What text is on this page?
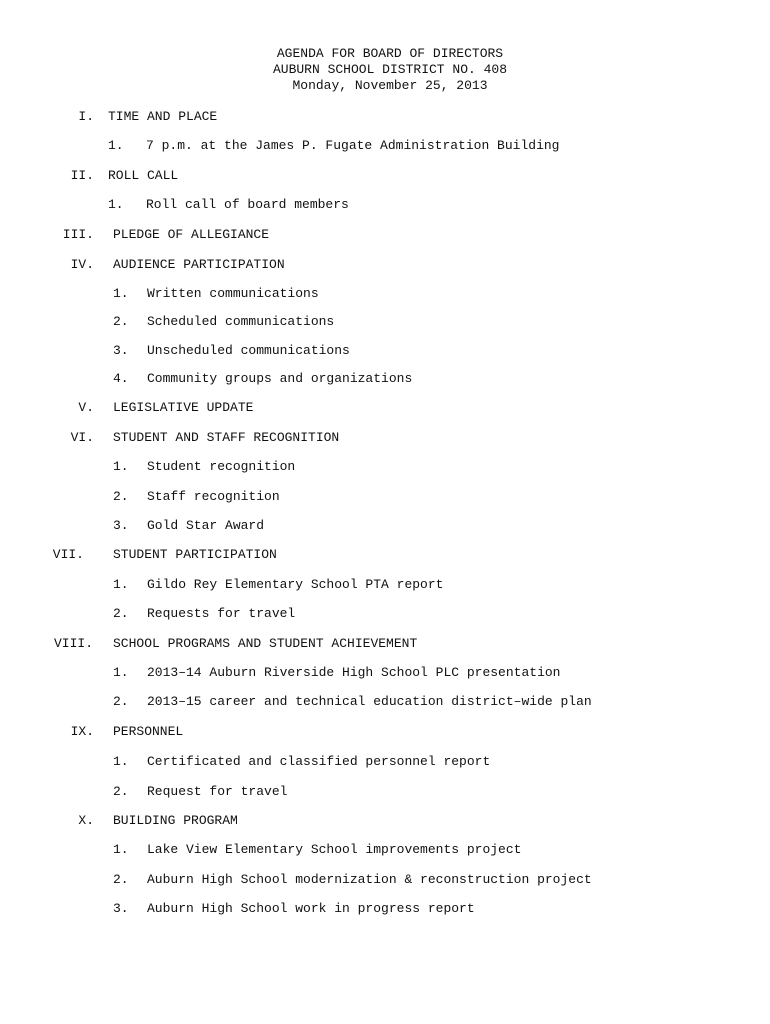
AGENDA FOR BOARD OF DIRECTORS
AUBURN SCHOOL DISTRICT NO. 408
Monday, November 25, 2013
I. TIME AND PLACE
1. 7 p.m. at the James P. Fugate Administration Building
II. ROLL CALL
1. Roll call of board members
III. PLEDGE OF ALLEGIANCE
IV. AUDIENCE PARTICIPATION
1. Written communications
2. Scheduled communications
3. Unscheduled communications
4. Community groups and organizations
V. LEGISLATIVE UPDATE
VI. STUDENT AND STAFF RECOGNITION
1. Student recognition
2. Staff recognition
3. Gold Star Award
VII. STUDENT PARTICIPATION
1. Gildo Rey Elementary School PTA report
2. Requests for travel
VIII. SCHOOL PROGRAMS AND STUDENT ACHIEVEMENT
1. 2013–14 Auburn Riverside High School PLC presentation
2. 2013–15 career and technical education district–wide plan
IX. PERSONNEL
1. Certificated and classified personnel report
2. Request for travel
X. BUILDING PROGRAM
1. Lake View Elementary School improvements project
2. Auburn High School modernization & reconstruction project
3. Auburn High School work in progress report
